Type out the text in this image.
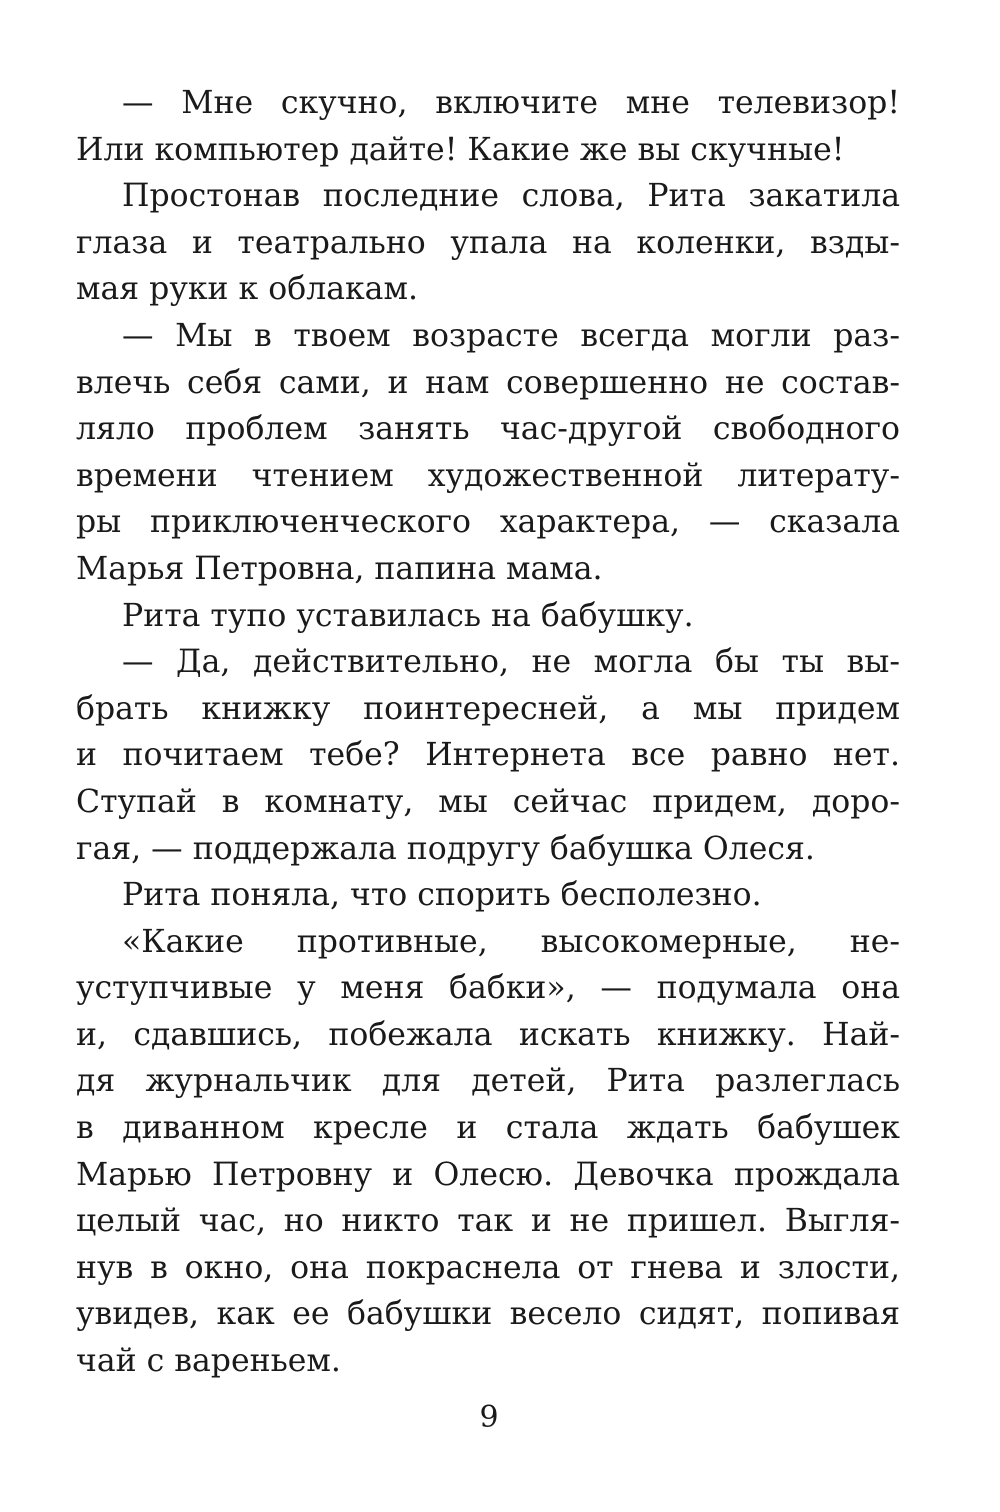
— Мне скучно, включите мне телевизор!
Или компьютер дайте! Какие же вы скучные!
Простонав последние слова, Рита закатила
глаза и театрально упала на коленки, взды-
мая руки к облакам.
— Мы в твоем возрасте всегда могли раз-
влечь себя сами, и нам совершенно не состав-
ляло проблем занять час-другой свободного
времени чтением художественной литерату-
ры приключенческого характера, — сказала
Марья Петровна, папина мама.
Рита тупо уставилась на бабушку.
— Да, действительно, не могла бы ты вы-
брать книжку поинтересней, а мы придем
и почитаем тебе? Интернета все равно нет.
Ступай в комнату, мы сейчас придем, доро-
гая, — поддержала подругу бабушка Олеся.
Рита поняла, что спорить бесполезно.
«Какие противные, высокомерные, не-
уступчивые у меня бабки», — подумала она
и, сдавшись, побежала искать книжку. Най-
дя журнальчик для детей, Рита разлеглась
в диванном кресле и стала ждать бабушек
Марью Петровну и Олесю. Девочка прождала
целый час, но никто так и не пришел. Выгля-
нув в окно, она покраснела от гнева и злости,
увидев, как ее бабушки весело сидят, попивая
чай с вареньем.
9
